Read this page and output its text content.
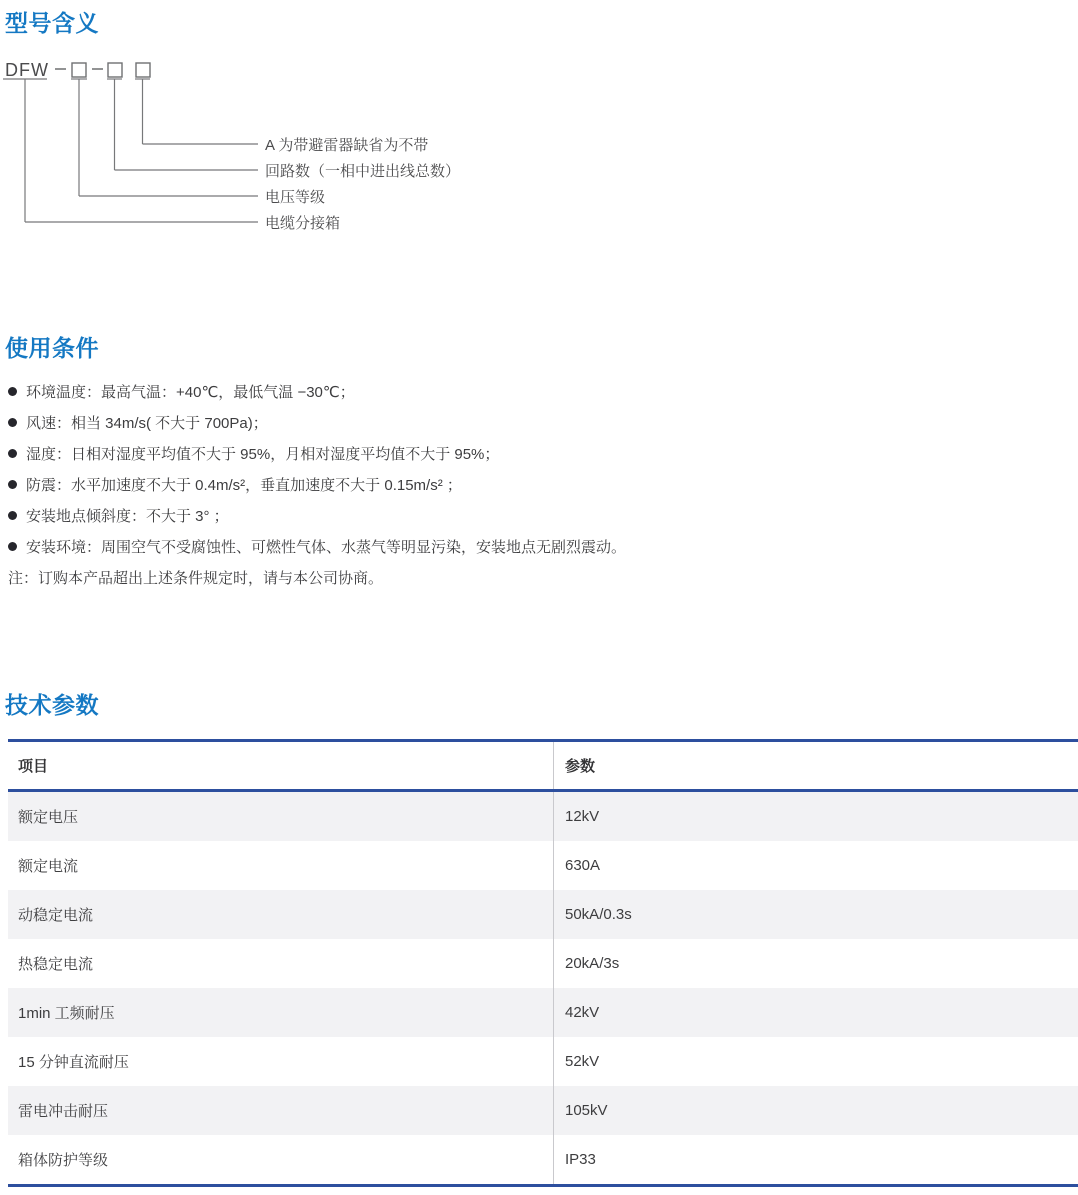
型号含义
DFW
A 为带避雷器缺省为不带
回路数（一相中进出线总数）
电压等级
电缆分接箱
使用条件
环境温度：最高气温：+40℃，最低气温 −30℃；
风速：相当 34m/s( 不大于 700Pa)；
湿度：日相对湿度平均值不大于 95%，月相对湿度平均值不大于 95%；
防震：水平加速度不大于 0.4m/s²，垂直加速度不大于 0.15m/s² ；
安装地点倾斜度：不大于 3° ；
安装环境：周围空气不受腐蚀性、可燃性气体、水蒸气等明显污染，安装地点无剧烈震动。
注：订购本产品超出上述条件规定时，请与本公司协商。
技术参数
项目	参数
额定电压	12kV
额定电流	630A
动稳定电流	50kA/0.3s
热稳定电流	20kA/3s
1min 工频耐压	42kV
15 分钟直流耐压	52kV
雷电冲击耐压	105kV
箱体防护等级	IP33
